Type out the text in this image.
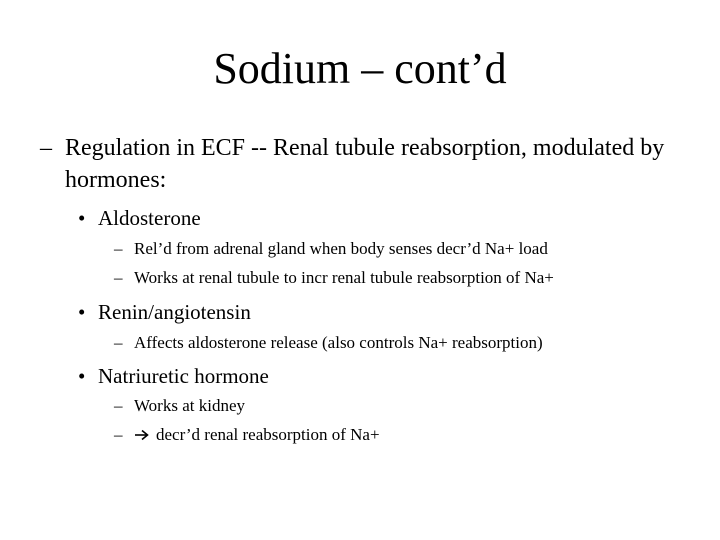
Sodium – cont’d
– Regulation in ECF -- Renal tubule reabsorption, modulated by hormones:
• Aldosterone
– Rel’d from adrenal gland when body senses decr’d Na+ load
– Works at renal tubule to incr renal tubule reabsorption of Na+
• Renin/angiotensin
– Affects aldosterone release (also controls Na+ reabsorption)
• Natriuretic hormone
– Works at kidney
– decr’d renal reabsorption of Na+
